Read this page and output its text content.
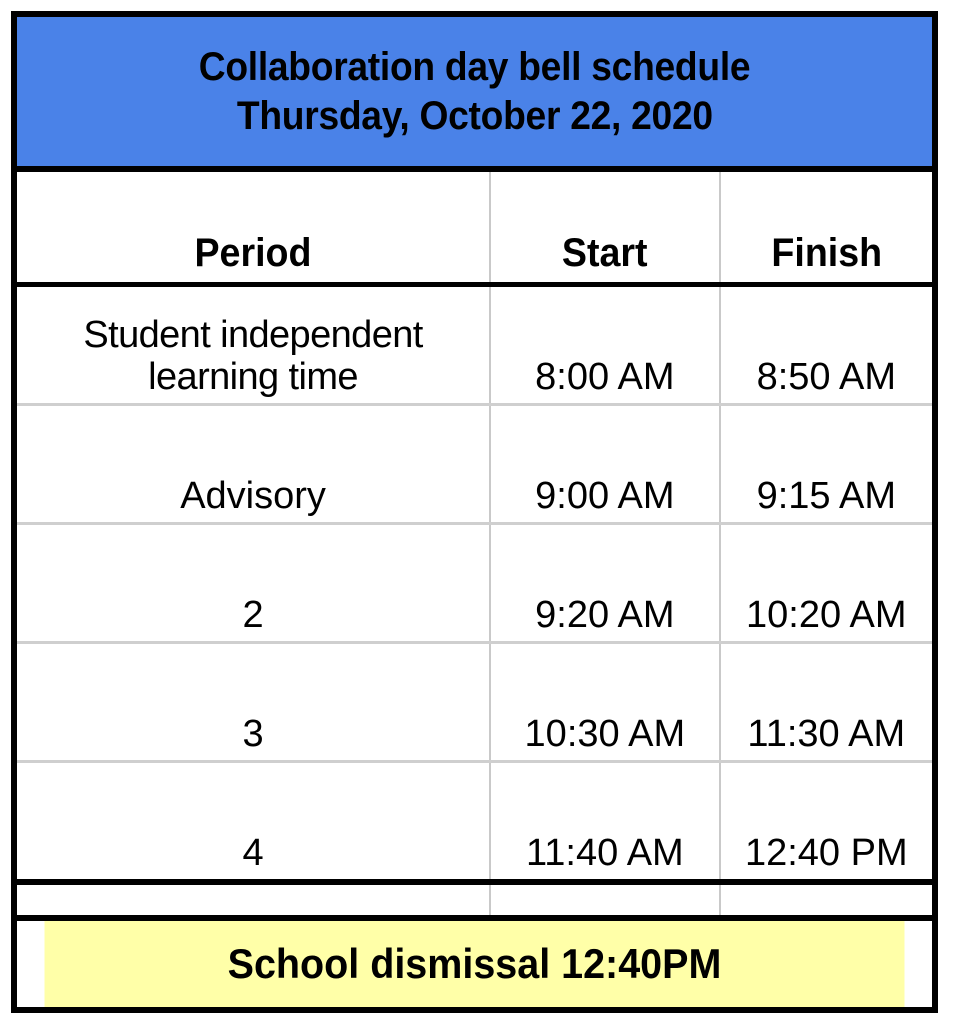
Collaboration day bell schedule
Thursday, October 22, 2020
Period	Start	Finish
Student independent learning time	8:00 AM	8:50 AM
Advisory	9:00 AM	9:15 AM
2	9:20 AM	10:20 AM
3	10:30 AM	11:30 AM
4	11:40 AM	12:40 PM

School dismissal 12:40PM		
